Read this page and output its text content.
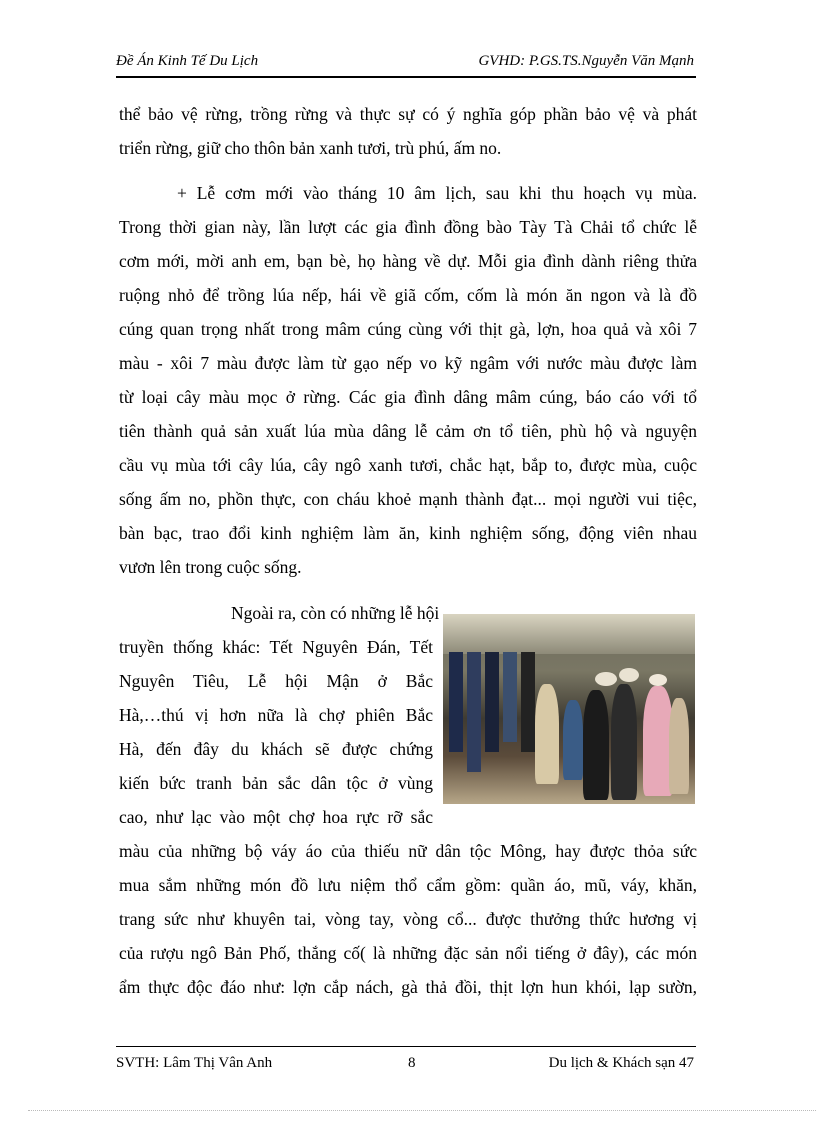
Đề Án Kinh Tế Du Lịch	GVHD: P.GS.TS.Nguyễn Văn Mạnh
thể bảo vệ rừng, trồng rừng và thực sự có ý nghĩa góp phần bảo vệ và phát
triển rừng, giữ cho thôn bản xanh tươi, trù phú, ấm no.
+ Lễ cơm mới vào tháng 10 âm lịch, sau khi thu hoạch vụ mùa.
Trong thời gian này, lần lượt các gia đình đồng bào Tày Tà Chải tổ chức lễ
cơm mới, mời anh em, bạn bè, họ hàng về dự. Mỗi gia đình dành riêng thửa
ruộng nhỏ để trồng lúa nếp, hái về giã cốm, cốm là món ăn ngon và là đồ
cúng quan trọng nhất trong mâm cúng cùng với thịt gà, lợn, hoa quả và xôi 7
màu - xôi 7 màu được làm từ gạo nếp vo kỹ ngâm với nước màu được làm
từ loại cây màu mọc ở rừng. Các gia đình dâng mâm cúng, báo cáo với tổ
tiên thành quả sản xuất lúa mùa dâng lễ cảm ơn tổ tiên, phù hộ và nguyện
cầu vụ mùa tới cây lúa, cây ngô xanh tươi, chắc hạt, bắp to, được mùa, cuộc
sống ấm no, phồn thực, con cháu khoẻ mạnh thành đạt... mọi người vui tiệc,
bàn bạc, trao đổi kinh nghiệm làm ăn, kinh nghiệm sống, động viên nhau
vươn lên trong cuộc sống.
Ngoài ra, còn có những lễ hội
truyền thống khác: Tết Nguyên Đán, Tết
Nguyên Tiêu, Lễ hội Mận ở Bắc
Hà,…thú vị hơn nữa là chợ phiên Bắc
Hà, đến đây du khách sẽ được chứng
kiến bức tranh bản sắc dân tộc ở vùng
cao, như lạc vào một chợ hoa rực rỡ sắc
màu của những bộ váy áo của thiếu nữ dân tộc Mông, hay được thỏa sức
mua sắm những món đồ lưu niệm thổ cẩm gồm: quần áo, mũ, váy, khăn,
trang sức như khuyên tai, vòng tay, vòng cổ... được thưởng thức hương vị
của rượu ngô Bản Phố, thắng cố( là những đặc sản nổi tiếng ở đây), các món
ẩm thực độc đáo như: lợn cắp nách, gà thả đồi, thịt lợn hun khói, lạp sườn,
SVTH: Lâm Thị Vân Anh	8	Du lịch & Khách sạn 47
